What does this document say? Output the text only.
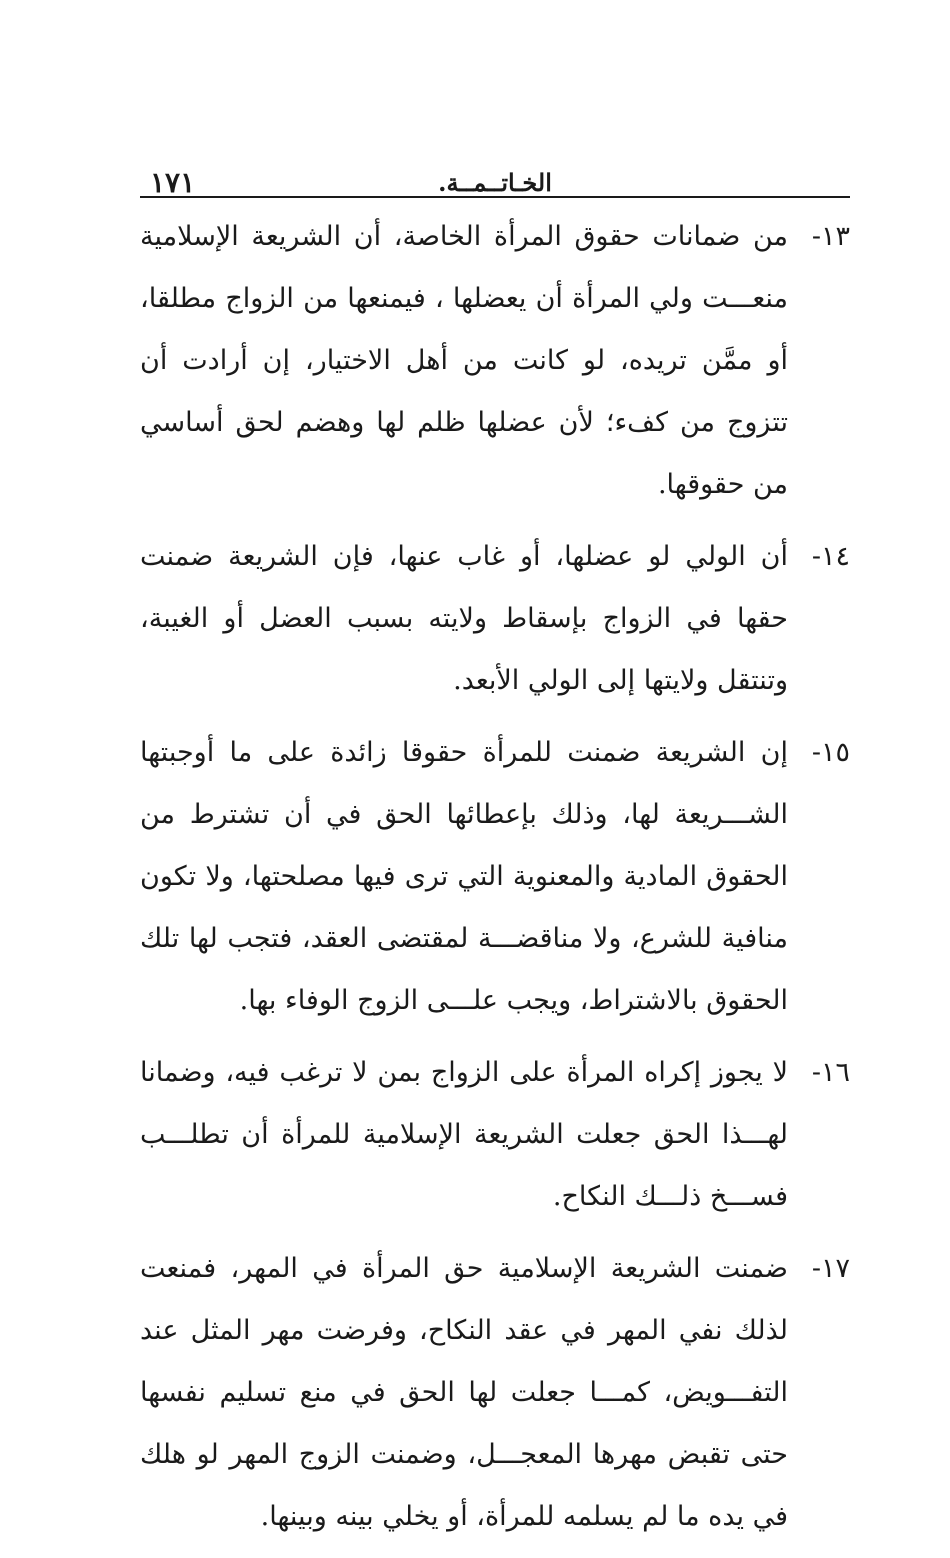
الخـاتــمــة.
١٧١
١٣-

من ضمانات حقوق المرأة الخاصة، أن الشريعة الإسلامية منعـــت ولي المرأة أن يعضلها ، فيمنعها من الزواج مطلقا، أو ممَّن تريده، لو كانت من أهل الاختيار، إن أرادت أن تتزوج من كفء؛ لأن عضلها ظلم لها وهضم لحق أساسي من حقوقها.

١٤-

أن الولي لو عضلها، أو غاب عنها، فإن الشريعة ضمنت حقها في الزواج بإسقاط ولايته بسبب العضل أو الغيبة، وتنتقل ولايتها إلى الولي الأبعد.

١٥-

إن الشريعة ضمنت للمرأة حقوقا زائدة على ما أوجبتها الشـــريعة لها، وذلك بإعطائها الحق في أن تشترط من الحقوق المادية والمعنوية التي ترى فيها مصلحتها، ولا تكون منافية للشرع، ولا مناقضـــة لمقتضى العقد، فتجب لها تلك الحقوق بالاشتراط، ويجب علـــى الزوج الوفاء بها.

١٦-

لا يجوز إكراه المرأة على الزواج بمن لا ترغب فيه، وضمانا لهـــذا الحق جعلت الشريعة الإسلامية للمرأة أن تطلـــب فســـخ ذلـــك النكاح.

١٧-

ضمنت الشريعة الإسلامية حق المرأة في المهر، فمنعت لذلك نفي المهر في عقد النكاح، وفرضت مهر المثل عند التفـــويض، كمـــا جعلت لها الحق في منع تسليم نفسها حتى تقبض مهرها المعجـــل، وضمنت الزوج المهر لو هلك في يده ما لم يسلمه للمرأة، أو يخلي بينه وبينها.
